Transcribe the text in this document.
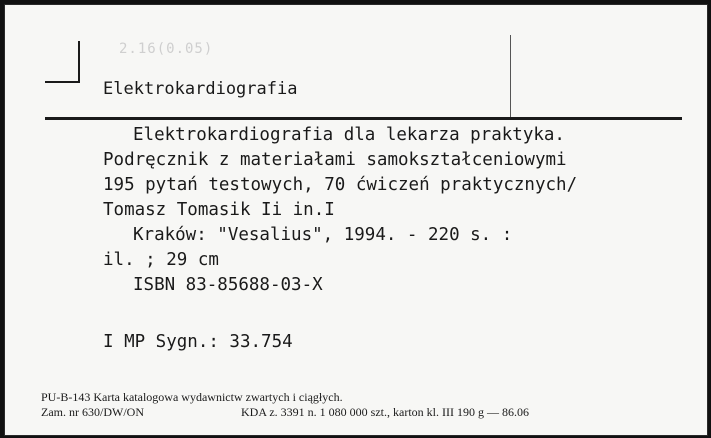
2.16(0.05)
Elektrokardiografia
Elektrokardiografia dla lekarza praktyka.
Podręcznik z materiałami samokształceniowymi
195 pytań testowych, 70 ćwiczeń praktycznych/
Tomasz Tomasik Ii in.I
Kraków: "Vesalius", 1994. - 220 s. :
il. ; 29 cm
ISBN 83-85688-03-X
I MP Sygn.: 33.754
PU-B-143 Karta katalogowa wydawnictw zwartych i ciągłych.
Zam. nr 630/DW/ON	KDA z. 3391 n. 1 080 000 szt., karton kl. III 190 g — 86.06
